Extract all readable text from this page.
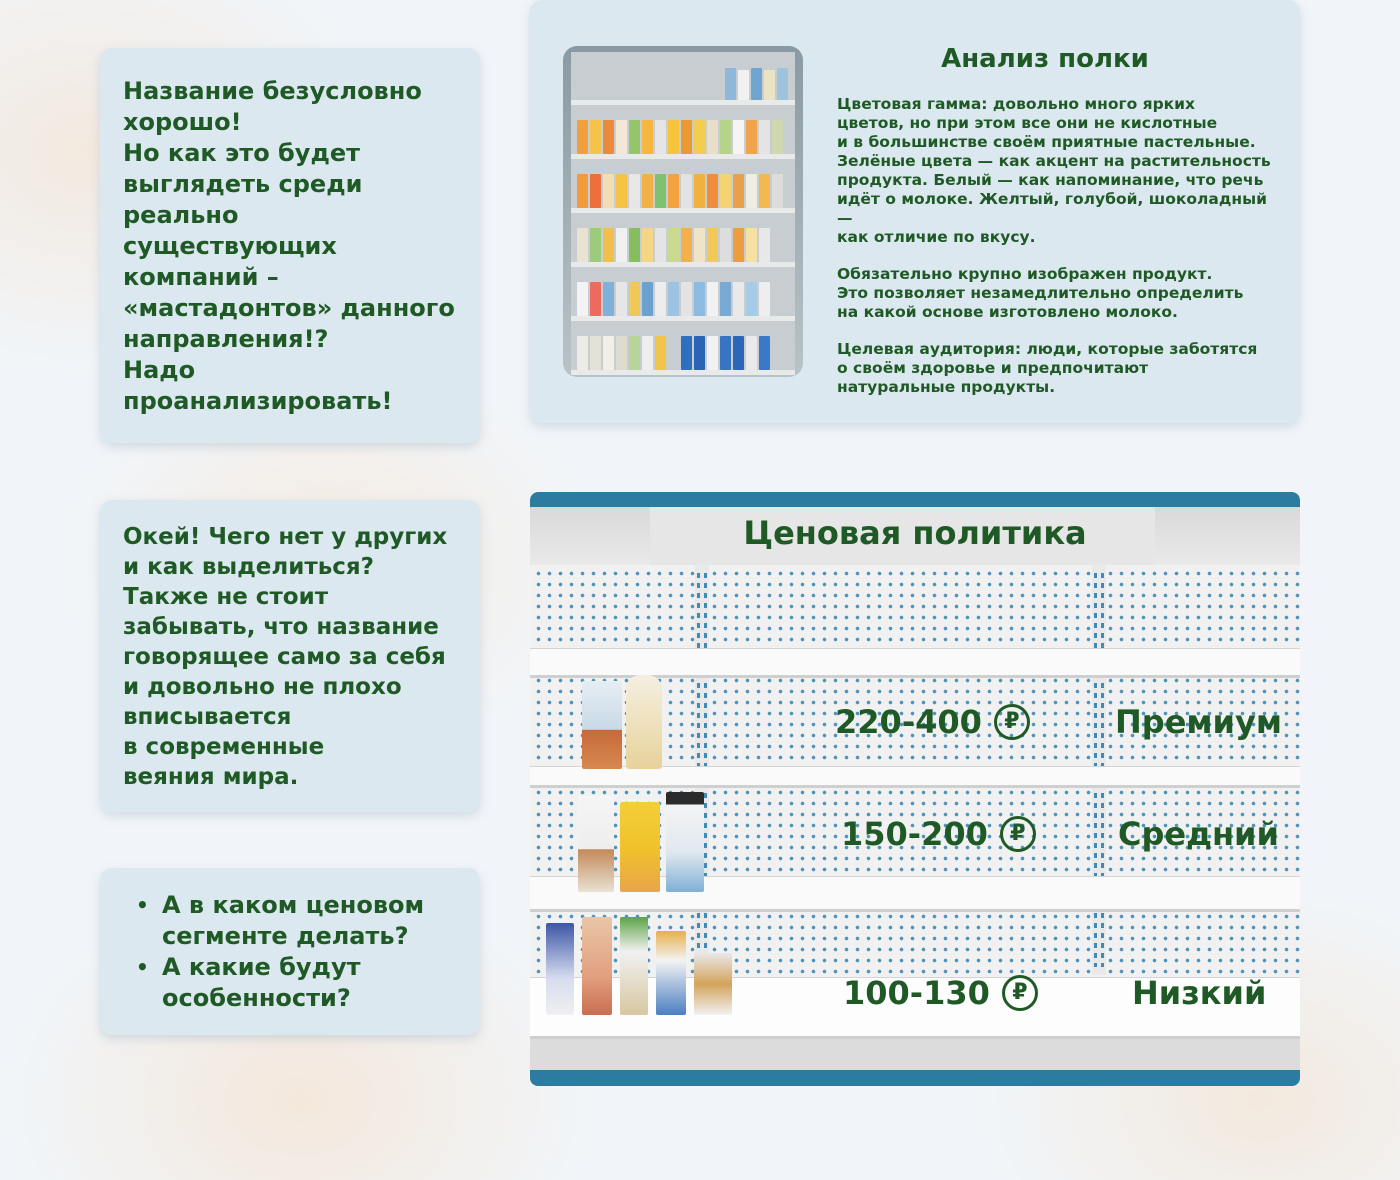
Название безусловно
хорошо!
Но как это будет
выглядеть среди
реально
существующих
компаний –
«мастадонтов» данного
направления!?
Надо
проанализировать!
Окей! Чего нет у других
и как выделиться?
Также не стоит
забывать, что название
говорящее само за себя
и довольно не плохо
вписывается
в современные
веяния мира.
• А в каком ценовом сегменте делать?
• А какие будут особенности?
Анализ полки

Цветовая гамма: довольно много ярких
цветов, но при этом все они не кислотные
и в большинстве своём приятные пастельные.
Зелёные цвета — как акцент на растительность
продукта. Белый — как напоминание, что речь
идёт о молоке. Желтый, голубой, шоколадный —
как отличие по вкусу.

Обязательно крупно изображен продукт.
Это позволяет незамедлительно определить
на какой основе изготовлено молоко.

Целевая аудитория: люди, которые заботятся
о своём здоровье и предпочитают
натуральные продукты.

Ценовая политика
220-400	₽	Премиум
150-200	₽	Средний
100-130	₽	Низкий
